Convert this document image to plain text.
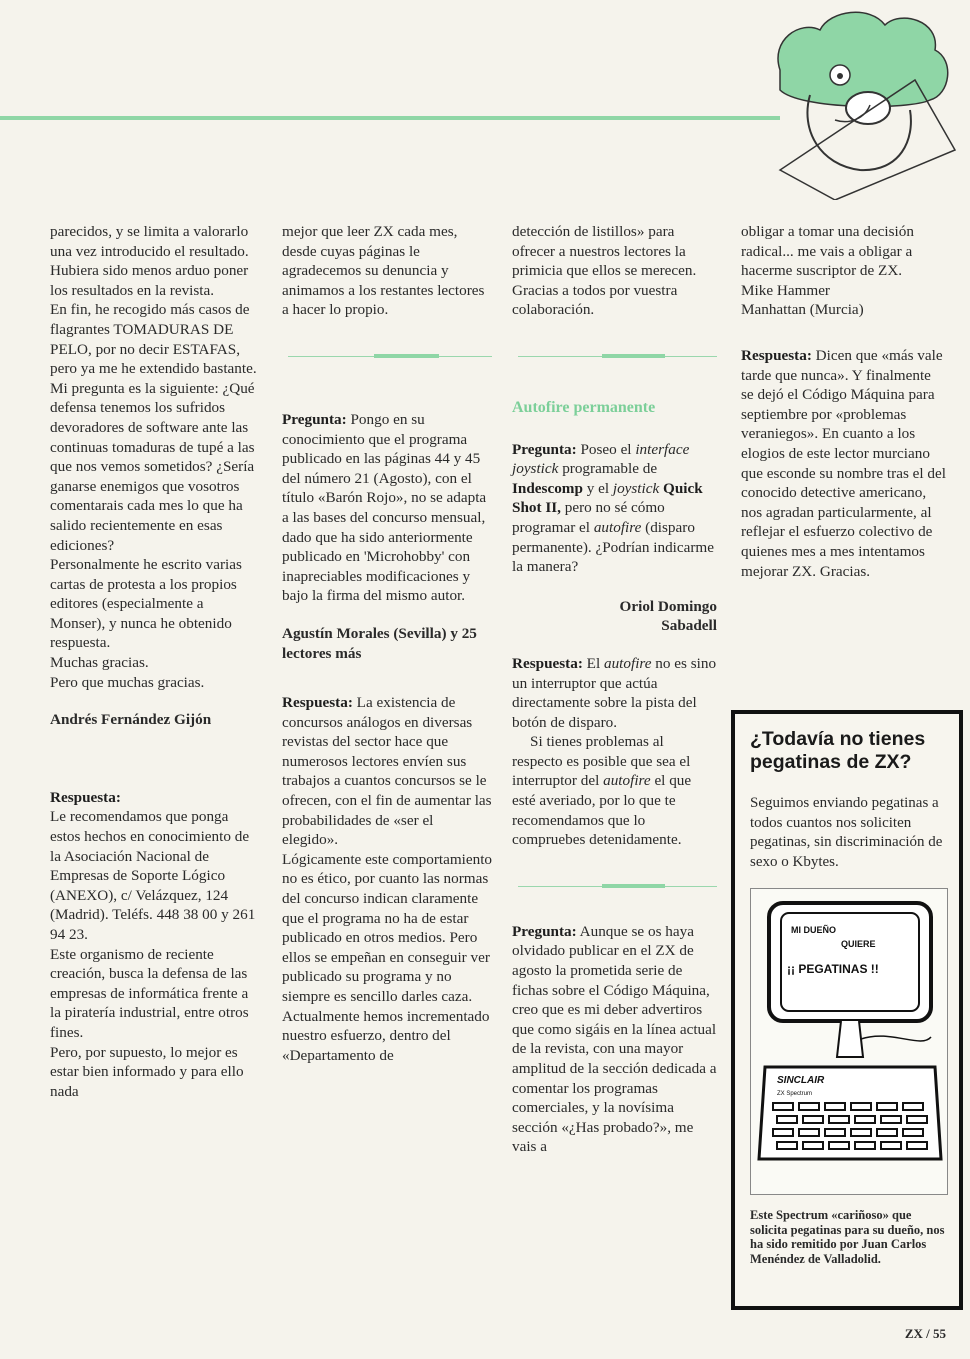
parecidos, y se limita a valorarlo una vez introducido el resultado. Hubiera sido menos arduo poner los resultados en la revista.

En fin, he recogido más casos de flagrantes TOMADURAS DE PELO, por no decir ESTAFAS, pero ya me he extendido bastante.

Mi pregunta es la siguiente: ¿Qué defensa tenemos los sufridos devoradores de software ante las continuas tomaduras de tupé a las que nos vemos sometidos? ¿Sería ganarse enemigos que vosotros comentarais cada mes lo que ha salido recientemente en esas ediciones?

Personalmente he escrito varias cartas de protesta a los propios editores (especialmente a Monser), y nunca he obtenido respuesta.

Muchas gracias.

Pero que muchas gracias.

Andrés Fernández Gijón

Respuesta:

Le recomendamos que ponga estos hechos en conocimiento de la Asociación Nacional de Empresas de Soporte Lógico (ANEXO), c/ Velázquez, 124 (Madrid). Teléfs. 448 38 00 y 261 94 23.

Este organismo de reciente creación, busca la defensa de las empresas de informática frente a la piratería industrial, entre otros fines.

Pero, por supuesto, lo mejor es estar bien informado y para ello nada

mejor que leer ZX cada mes, desde cuyas páginas le agradecemos su denuncia y animamos a los restantes lectores a hacer lo propio.

Pregunta: Pongo en su conocimiento que el programa publicado en las páginas 44 y 45 del número 21 (Agosto), con el título «Barón Rojo», no se adapta a las bases del concurso mensual, dado que ha sido anteriormente publicado en 'Microhobby' con inapreciables modificaciones y bajo la firma del mismo autor.

Agustín Morales (Sevilla) y 25 lectores más

Respuesta: La existencia de concursos análogos en diversas revistas del sector hace que numerosos lectores envíen sus trabajos a cuantos concursos se le ofrecen, con el fin de aumentar las probabilidades de «ser el elegido».

Lógicamente este comportamiento no es ético, por cuanto las normas del concurso indican claramente que el programa no ha de estar publicado en otros medios. Pero ellos se empeñan en conseguir ver publicado su programa y no siempre es sencillo darles caza.

Actualmente hemos incrementado nuestro esfuerzo, dentro del «Departamento de

detección de listillos» para ofrecer a nuestros lectores la primicia que ellos se merecen. Gracias a todos por vuestra colaboración.

Autofire permanente

Pregunta: Poseo el interface joystick programable de Indescomp y el joystick Quick Shot II, pero no sé cómo programar el autofire (disparo permanente). ¿Podrían indicarme la manera?

Oriol Domingo

Sabadell

Respuesta: El autofire no es sino un interruptor que actúa directamente sobre la pista del botón de disparo.

Si tienes problemas al respecto es posible que sea el interruptor del autofire el que esté averiado, por lo que te recomendamos que lo compruebes detenidamente.

Pregunta: Aunque se os haya olvidado publicar en el ZX de agosto la prometida serie de fichas sobre el Código Máquina, creo que es mi deber advertiros que como sigáis en la línea actual de la revista, con una mayor amplitud de la sección dedicada a comentar los programas comerciales, y la novísima sección «¿Has probado?», me vais a

obligar a tomar una decisión radical... me vais a obligar a hacerme suscriptor de ZX.

Mike Hammer

Manhattan (Murcia)

Respuesta: Dicen que «más vale tarde que nunca». Y finalmente se dejó el Código Máquina para septiembre por «problemas veraniegos». En cuanto a los elogios de este lector murciano que esconde su nombre tras el del conocido detective americano, nos agradan particularmente, al reflejar el esfuerzo colectivo de quienes mes a mes intentamos mejorar ZX. Gracias.

¿Todavía no tienes pegatinas de ZX?

Seguimos enviando pegatinas a todos cuantos nos soliciten pegatinas, sin discriminación de sexo o Kbytes.

MI DUEÑO
QUIERE
¡¡ PEGATINAS !!
SINCLAIR
ZX Spectrum

Este Spectrum «cariñoso» que solicita pegatinas para su dueño, nos ha sido remitido por Juan Carlos Menéndez de Valladolid.

ZX / 55
